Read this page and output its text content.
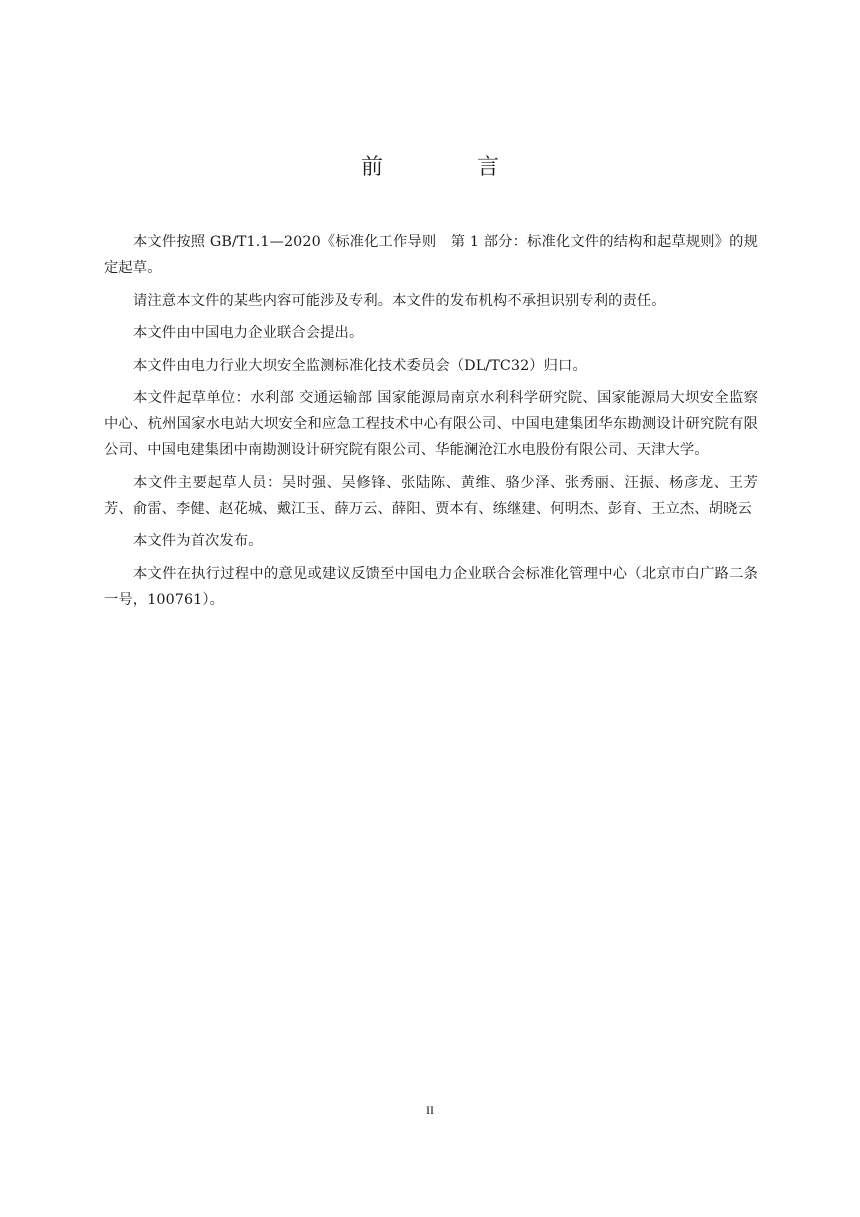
前　言

本文件按照 GB/T1.1—2020《标准化工作导则　第 1 部分：标准化文件的结构和起草规则》的规定起草。

请注意本文件的某些内容可能涉及专利。本文件的发布机构不承担识别专利的责任。

本文件由中国电力企业联合会提出。

本文件由电力行业大坝安全监测标准化技术委员会（DL/TC32）归口。

本文件起草单位：水利部 交通运输部 国家能源局南京水利科学研究院、国家能源局大坝安全监察中心、杭州国家水电站大坝安全和应急工程技术中心有限公司、中国电建集团华东勘测设计研究院有限公司、中国电建集团中南勘测设计研究院有限公司、华能澜沧江水电股份有限公司、天津大学。

本文件主要起草人员：吴时强、吴修锋、张陆陈、黄维、骆少泽、张秀丽、汪振、杨彦龙、王芳芳、俞雷、李健、赵花城、戴江玉、薛万云、薛阳、贾本有、练继建、何明杰、彭育、王立杰、胡晓云

本文件为首次发布。

本文件在执行过程中的意见或建议反馈至中国电力企业联合会标准化管理中心（北京市白广路二条一号，100761）。

II
